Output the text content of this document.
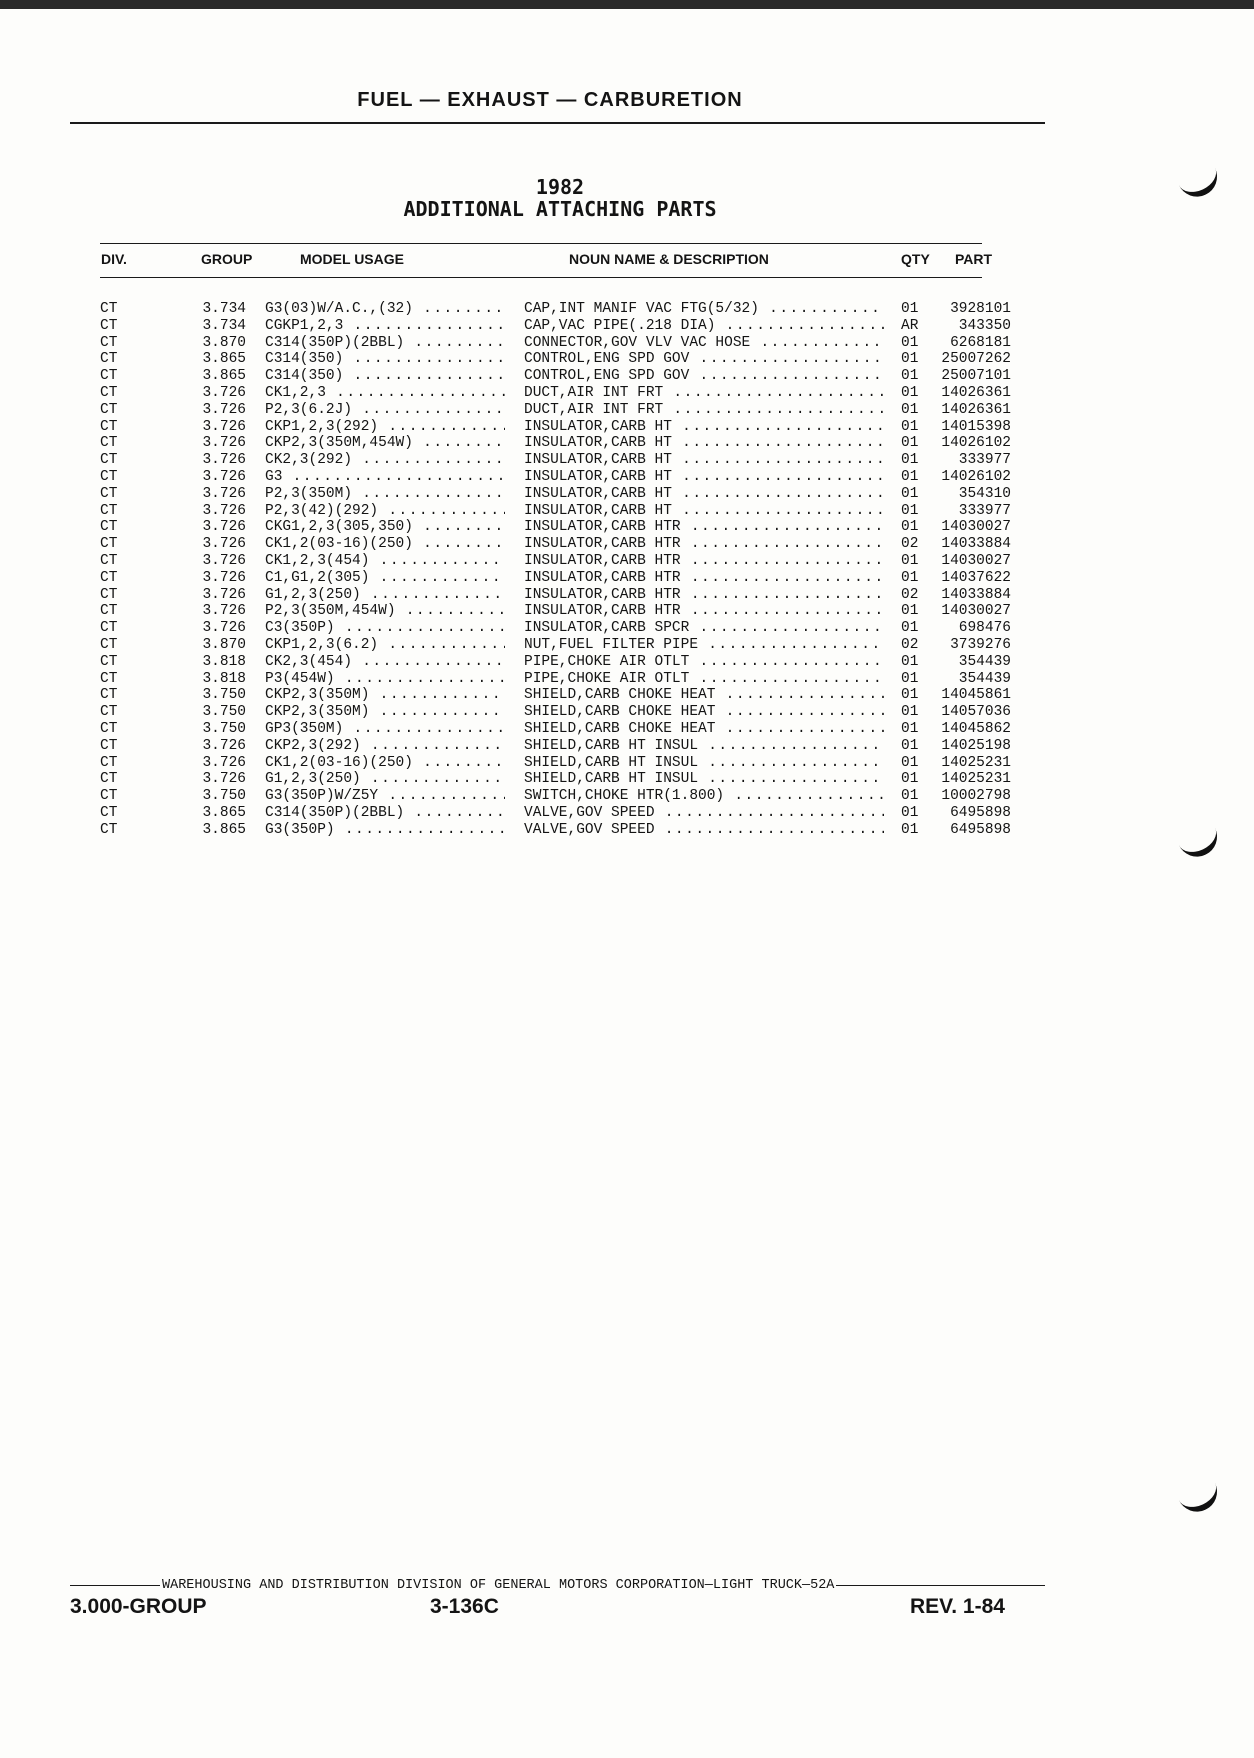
FUEL — EXHAUST — CARBURETION
1982
ADDITIONAL ATTACHING PARTS
DIV.	GROUP	MODEL USAGE	NOUN NAME & DESCRIPTION	QTY PART
CT	3.734 G3(03)W/A.C.,(32) .....	CAP,INT MANIF VAC FTG(5/32) .....	01	3928101
CT	3.734 CGKP1,2,3 .....	CAP,VAC PIPE(.218 DIA) .....	AR	343350
CT	3.870 C314(350P)(2BBL) .....	CONNECTOR,GOV VLV VAC HOSE .....	01	6268181
CT	3.865 C314(350) .....	CONTROL,ENG SPD GOV .....	01	25007262
CT	3.865 C314(350) .....	CONTROL,ENG SPD GOV .....	01	25007101
CT	3.726 CK1,2,3 .....	DUCT,AIR INT FRT .....	01	14026361
CT	3.726 P2,3(6.2J) .....	DUCT,AIR INT FRT .....	01	14026361
CT	3.726 CKP1,2,3(292) .....	INSULATOR,CARB HT .....	01	14015398
CT	3.726 CKP2,3(350M,454W) .....	INSULATOR,CARB HT .....	01	14026102
CT	3.726 CK2,3(292) .....	INSULATOR,CARB HT .....	01	333977
CT	3.726 G3 .....	INSULATOR,CARB HT .....	01	14026102
CT	3.726 P2,3(350M) .....	INSULATOR,CARB HT .....	01	354310
CT	3.726 P2,3(42)(292) .....	INSULATOR,CARB HT .....	01	333977
CT	3.726 CKG1,2,3(305,350) .....	INSULATOR,CARB HTR .....	01	14030027
CT	3.726 CK1,2(03-16)(250) .....	INSULATOR,CARB HTR .....	02	14033884
CT	3.726 CK1,2,3(454) .....	INSULATOR,CARB HTR .....	01	14030027
CT	3.726 C1,G1,2(305) .....	INSULATOR,CARB HTR .....	01	14037622
CT	3.726 G1,2,3(250) .....	INSULATOR,CARB HTR .....	02	14033884
CT	3.726 P2,3(350M,454W) .....	INSULATOR,CARB HTR .....	01	14030027
CT	3.726 C3(350P) .....	INSULATOR,CARB SPCR .....	01	698476
CT	3.870 CKP1,2,3(6.2) .....	NUT,FUEL FILTER PIPE .....	02	3739276
CT	3.818 CK2,3(454) .....	PIPE,CHOKE AIR OTLT .....	01	354439
CT	3.818 P3(454W) .....	PIPE,CHOKE AIR OTLT .....	01	354439
CT	3.750 CKP2,3(350M) .....	SHIELD,CARB CHOKE HEAT .....	01	14045861
CT	3.750 CKP2,3(350M) .....	SHIELD,CARB CHOKE HEAT .....	01	14057036
CT	3.750 GP3(350M) .....	SHIELD,CARB CHOKE HEAT .....	01	14045862
CT	3.726 CKP2,3(292) .....	SHIELD,CARB HT INSUL .....	01	14025198
CT	3.726 CK1,2(03-16)(250) .....	SHIELD,CARB HT INSUL .....	01	14025231
CT	3.726 G1,2,3(250) .....	SHIELD,CARB HT INSUL .....	01	14025231
CT	3.750 G3(350P)W/Z5Y .....	SWITCH,CHOKE HTR(1.800) .....	01	10002798
CT	3.865 C314(350P)(2BBL) .....	VALVE,GOV SPEED .....	01	6495898
CT	3.865 G3(350P) .....	VALVE,GOV SPEED .....	01	6495898
WAREHOUSING AND DISTRIBUTION DIVISION OF GENERAL MOTORS CORPORATION—LIGHT TRUCK—52A
3.000-GROUP	3-136C	REV. 1-84
